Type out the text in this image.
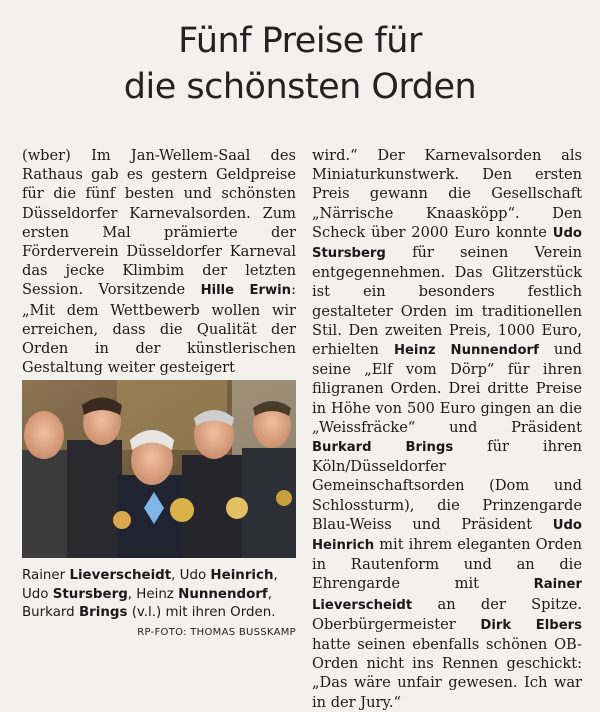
Fünf Preise für
die schönsten Orden

(wber) Im Jan-Wellem-Saal des Rathaus gab es gestern Geldpreise für die fünf besten und schönsten Düsseldorfer Karnevalsorden. Zum ersten Mal prämierte der Förderverein Düsseldorfer Karneval das jecke Klimbim der letzten Session. Vorsitzende Hille Erwin: „Mit dem Wettbewerb wollen wir erreichen, dass die Qualität der Orden in der künstlerischen Gestaltung weiter gesteigert

Rainer Lieverscheidt, Udo Heinrich, Udo Stursberg, Heinz Nunnendorf, Burkard Brings (v.l.) mit ihren Orden.
RP-FOTO: THOMAS BUSSKAMP

wird.“ Der Karnevalsorden als Miniaturkunstwerk. Den ersten Preis gewann die Gesellschaft „Närrische Knaasköpp“. Den Scheck über 2000 Euro konnte Udo Stursberg für seinen Verein entgegennehmen. Das Glitzerstück ist ein besonders festlich gestalteter Orden im traditionellen Stil. Den zweiten Preis, 1000 Euro, erhielten Heinz Nunnendorf und seine „Elf vom Dörp“ für ihren filigranen Orden. Drei dritte Preise in Höhe von 500 Euro gingen an die „Weissfräcke“ und Präsident Burkard Brings für ihren Köln/Düsseldorfer Gemeinschaftsorden (Dom und Schlossturm), die Prinzengarde Blau-Weiss und Präsident Udo Heinrich mit ihrem eleganten Orden in Rautenform und an die Ehrengarde mit Rainer Lieverscheidt an der Spitze. Oberbürgermeister Dirk Elbers hatte seinen ebenfalls schönen OB-Orden nicht ins Rennen geschickt: „Das wäre unfair gewesen. Ich war in der Jury.“
